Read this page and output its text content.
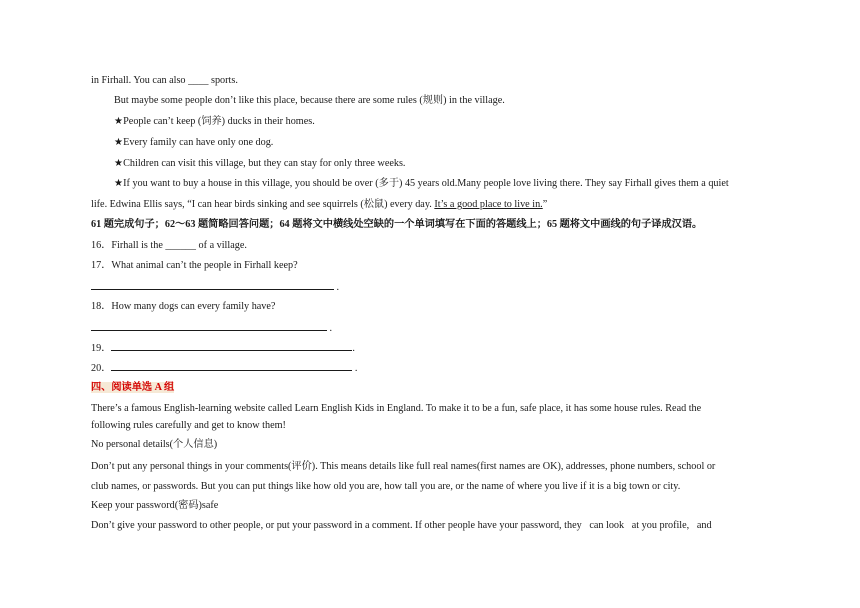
in Firhall. You can also ____ sports.
But maybe some people don’t like this place, because there are some rules (规则) in the village.
★People can’t keep (饲养) ducks in their homes.
★Every family can have only one dog.
★Children can visit this village, but they can stay for only three weeks.
★If you want to buy a house in this village, you should be over (多于) 45 years old.Many people love living there. They say Firhall gives them a quiet
life. Edwina Ellis says, “I can hear birds sinking and see squirrels (松鼠) every day. It’s a good place to live in.”
61 题完成句子；62～63 题简略回答问题；64 题将文中横线处空缺的一个单词填写在下面的答题线上；65 题将文中画线的句子译成汉语。
16．Firhall is the ______ of a village.
17．What animal can’t the people in Firhall keep?
.
18．How many dogs can every family have?
.
19．	.
20．	.
四、阅读单选 A 组
There’s a famous English-learning website called Learn English Kids in England. To make it to be a fun, safe place, it has some house rules. Read the
following rules carefully and get to know them!
No personal details(个人信息)
Don’t put any personal things in your comments(评价). This means details like full real names(first names are OK), addresses, phone numbers, school or
club names, or passwords. But you can put things like how old you are, how tall you are, or the name of where you live if it is a big town or city.
Keep your password(密码)safe
Don’t give your password to other people, or put your password in a comment. If other people have your password, they   can look   at you profile,   and
